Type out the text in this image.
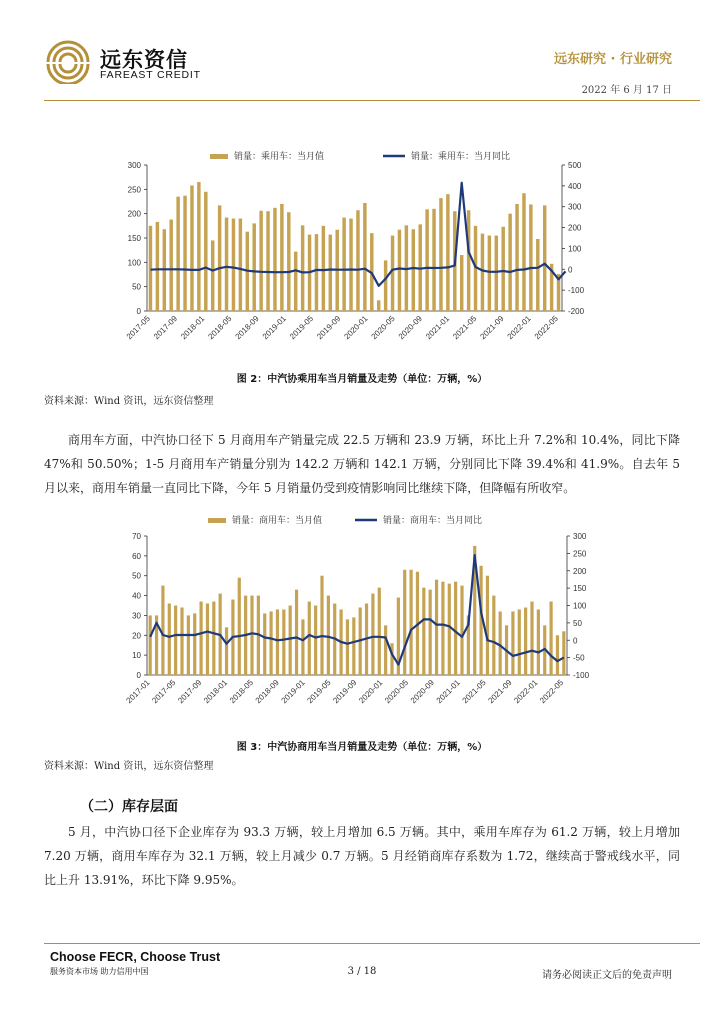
远东资信
FAREAST CREDIT
远东研究 · 行业研究
2022 年 6 月 17 日
0
50
100
150
200
250
300
-200
-100
0
100
200
300
400
500
2017-05 2017-09 2018-01 2018-05 2018-09 2019-01 2019-05 2019-09 2020-01 2020-05 2020-09 2021-01 2021-05 2021-09 2022-01 2022-05
销量：乘用车：当月值	销量：乘用车：当月同比
图 2：中汽协乘用车当月销量及走势（单位：万辆，%）
资料来源：Wind 资讯，远东资信整理

商用车方面，中汽协口径下 5 月商用车产销量完成 22.5 万辆和 23.9 万辆，环比上升 7.2%和 10.4%，同比下降 47%和 50.50%；1-5 月商用车产销量分别为 142.2 万辆和 142.1 万辆，分别同比下降 39.4%和 41.9%。自去年 5 月以来，商用车销量一直同比下降，今年 5 月销量仍受到疫情影响同比继续下降，但降幅有所收窄。

0
10
20
30
40
50
60
70
-100
-50
0
50
100
150
200
250
300
2017-01
2017-05
2017-09
2018-01
2018-05
2018-09
2019-01
2019-05
2019-09
2020-01
2020-05
2020-09
2021-01
2021-05
2021-09
2022-01
2022-05
销量：商用车：当月值	销量：商用车：当月同比
图 3：中汽协商用车当月销量及走势（单位：万辆，%）
资料来源：Wind 资讯，远东资信整理
（二）库存层面

5 月，中汽协口径下企业库存为 93.3 万辆，较上月增加 6.5 万辆。其中，乘用车库存为 61.2 万辆，较上月增加 7.20 万辆，商用车库存为 32.1 万辆，较上月减少 0.7 万辆。5 月经销商库存系数为 1.72，继续高于警戒线水平，同比上升 13.91%，环比下降 9.95%。

Choose FECR, Choose Trust
服务资本市场 助力信用中国	3 / 18	请务必阅读正文后的免责声明
